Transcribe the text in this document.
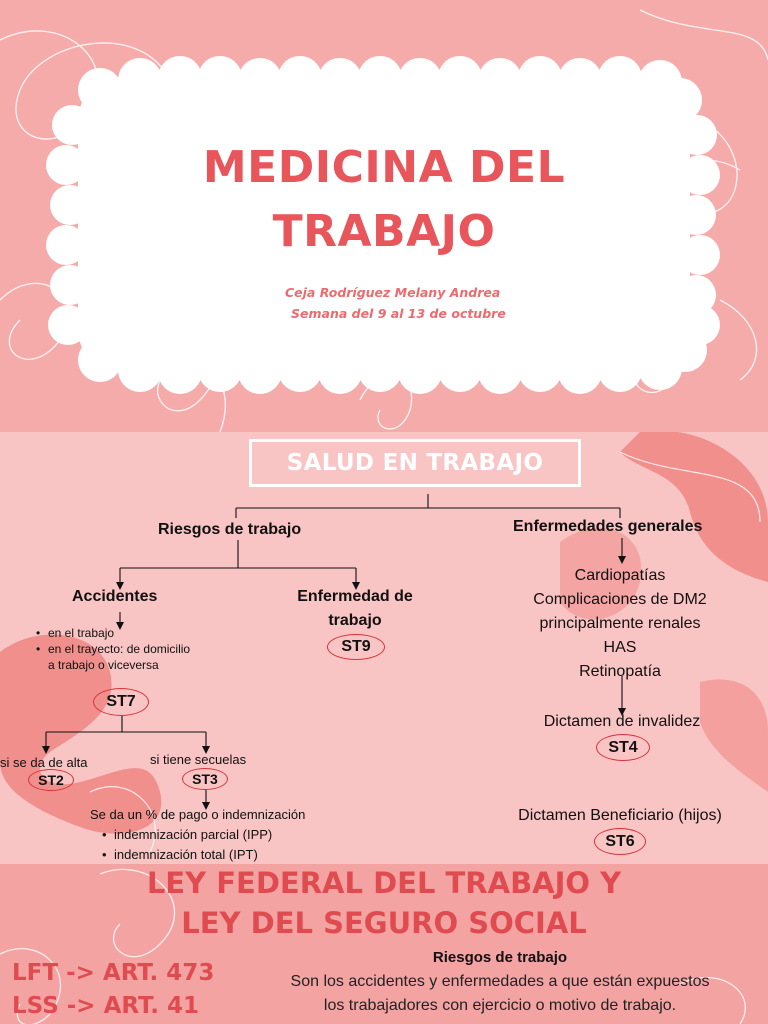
MEDICINA DEL
TRABAJO
Ceja Rodríguez Melany Andrea
Semana del 9 al 13 de octubre
SALUD EN TRABAJO
Riesgos de trabajo	Enfermedades generales
Accidentes	Enfermedad de
trabajo
ST9
• en el trabajo
• en el trayecto: de domicilio
a trabajo o viceversa
ST7
si se da de alta
ST2
si tiene secuelas
ST3
Se da un % de pago o indemnización
• indemnización parcial (IPP)
• indemnización total (IPT)
Cardiopatías
Complicaciones de DM2
principalmente renales
HAS
Retinopatía
Dictamen de invalidez
ST4
Dictamen Beneficiario (hijos)
ST6
LEY FEDERAL DEL TRABAJO Y
LEY DEL SEGURO SOCIAL
LFT -> ART. 473
LSS -> ART. 41
Riesgos de trabajo
Son los accidentes y enfermedades a que están expuestos
los trabajadores con ejercicio o motivo de trabajo.
